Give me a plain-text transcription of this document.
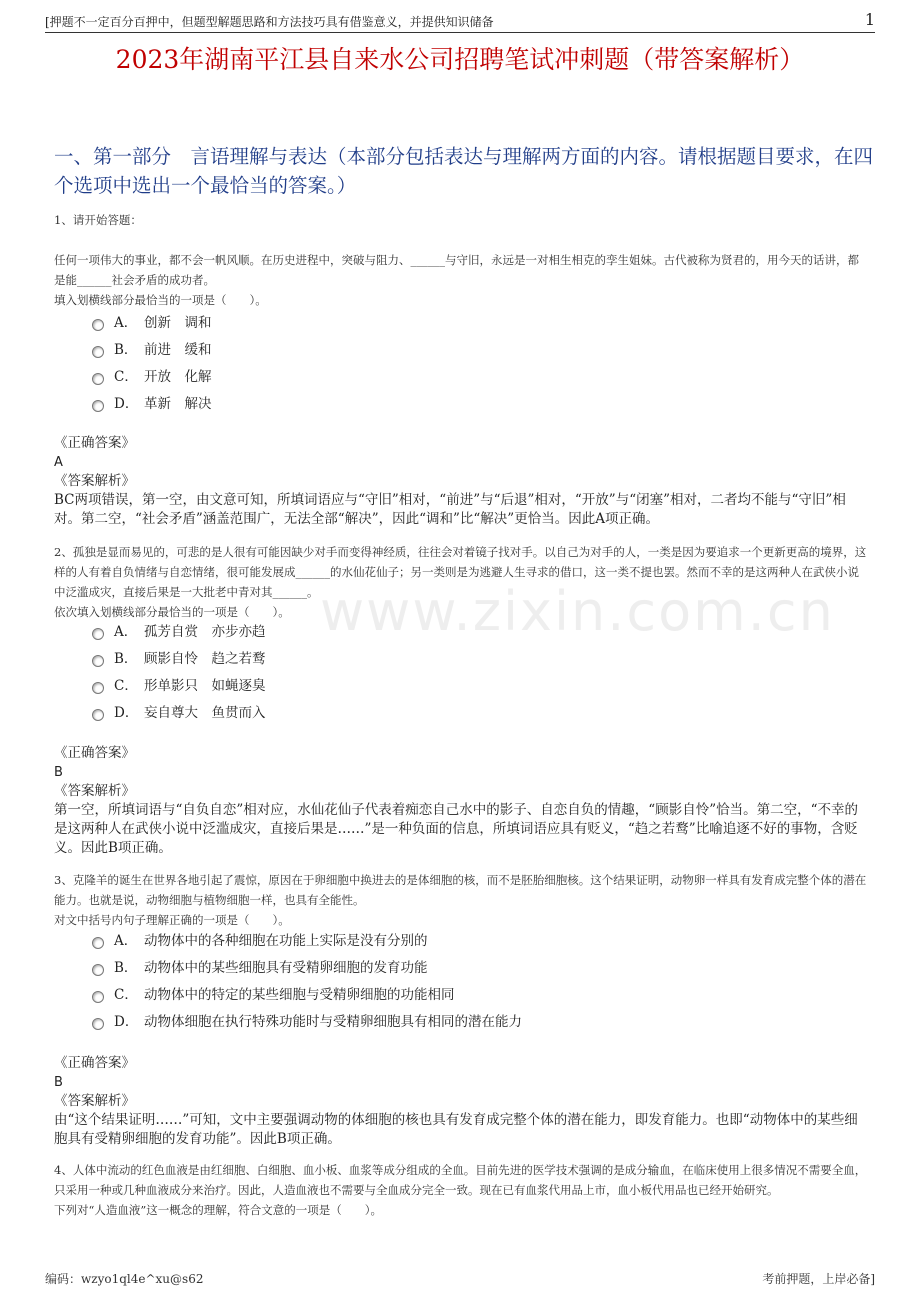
[押题不一定百分百押中，但题型解题思路和方法技巧具有借鉴意义，并提供知识储备	1
2023年湖南平江县自来水公司招聘笔试冲刺题（带答案解析）
一、第一部分　言语理解与表达（本部分包括表达与理解两方面的内容。请根据题目要求，在四个选项中选出一个最恰当的答案。）
1、请开始答题：

任何一项伟大的事业，都不会一帆风顺。在历史进程中，突破与阻力、______与守旧，永远是一对相生相克的孪生姐妹。古代被称为贤君的，用今天的话讲，都是能______社会矛盾的成功者。

填入划横线部分最恰当的一项是（　　）。

A． 创新　调和
B． 前进　缓和
C． 开放　化解
D． 革新　解决
《正确答案》
A
《答案解析》
BC两项错误，第一空，由文意可知，所填词语应与“守旧”相对，“前进”与“后退”相对，“开放”与“闭塞”相对，二者均不能与“守旧”相对。第二空，“社会矛盾”涵盖范围广，无法全部“解决”，因此“调和”比“解决”更恰当。因此A项正确。

2、孤独是显而易见的，可悲的是人很有可能因缺少对手而变得神经质，往往会对着镜子找对手。以自己为对手的人，一类是因为要追求一个更新更高的境界，这样的人有着自负情绪与自恋情绪，很可能发展成______的水仙花仙子；另一类则是为逃避人生寻求的借口，这一类不提也罢。然而不幸的是这两种人在武侠小说中泛滥成灾，直接后果是一大批老中青对其______。

依次填入划横线部分最恰当的一项是（　　）。

A． 孤芳自赏　亦步亦趋
B． 顾影自怜　趋之若鹜
C． 形单影只　如蝇逐臭
D． 妄自尊大　鱼贯而入
《正确答案》
B
《答案解析》
第一空，所填词语与“自负自恋”相对应，水仙花仙子代表着痴恋自己水中的影子、自恋自负的情趣，“顾影自怜”恰当。第二空，“不幸的是这两种人在武侠小说中泛滥成灾，直接后果是……”是一种负面的信息，所填词语应具有贬义，“趋之若鹜”比喻追逐不好的事物，含贬义。因此B项正确。
www.zixin.com.cn

3、克隆羊的诞生在世界各地引起了震惊，原因在于卵细胞中换进去的是体细胞的核，而不是胚胎细胞核。这个结果证明，动物卵一样具有发育成完整个体的潜在能力。也就是说，动物细胞与植物细胞一样，也具有全能性。

对文中括号内句子理解正确的一项是（　　）。

A． 动物体中的各种细胞在功能上实际是没有分别的
B． 动物体中的某些细胞具有受精卵细胞的发育功能
C． 动物体中的特定的某些细胞与受精卵细胞的功能相同
D． 动物体细胞在执行特殊功能时与受精卵细胞具有相同的潜在能力
《正确答案》
B
《答案解析》
由“这个结果证明……”可知，文中主要强调动物的体细胞的核也具有发育成完整个体的潜在能力，即发育能力。也即“动物体中的某些细胞具有受精卵细胞的发育功能”。因此B项正确。

4、人体中流动的红色血液是由红细胞、白细胞、血小板、血浆等成分组成的全血。目前先进的医学技术强调的是成分输血，在临床使用上很多情况不需要全血，只采用一种或几种血液成分来治疗。因此，人造血液也不需要与全血成分完全一致。现在已有血浆代用品上市，血小板代用品也已经开始研究。

下列对“人造血液”这一概念的理解，符合文意的一项是（　　）。

编码：wzyo1ql4e^xu@s62	考前押题，上岸必备]
